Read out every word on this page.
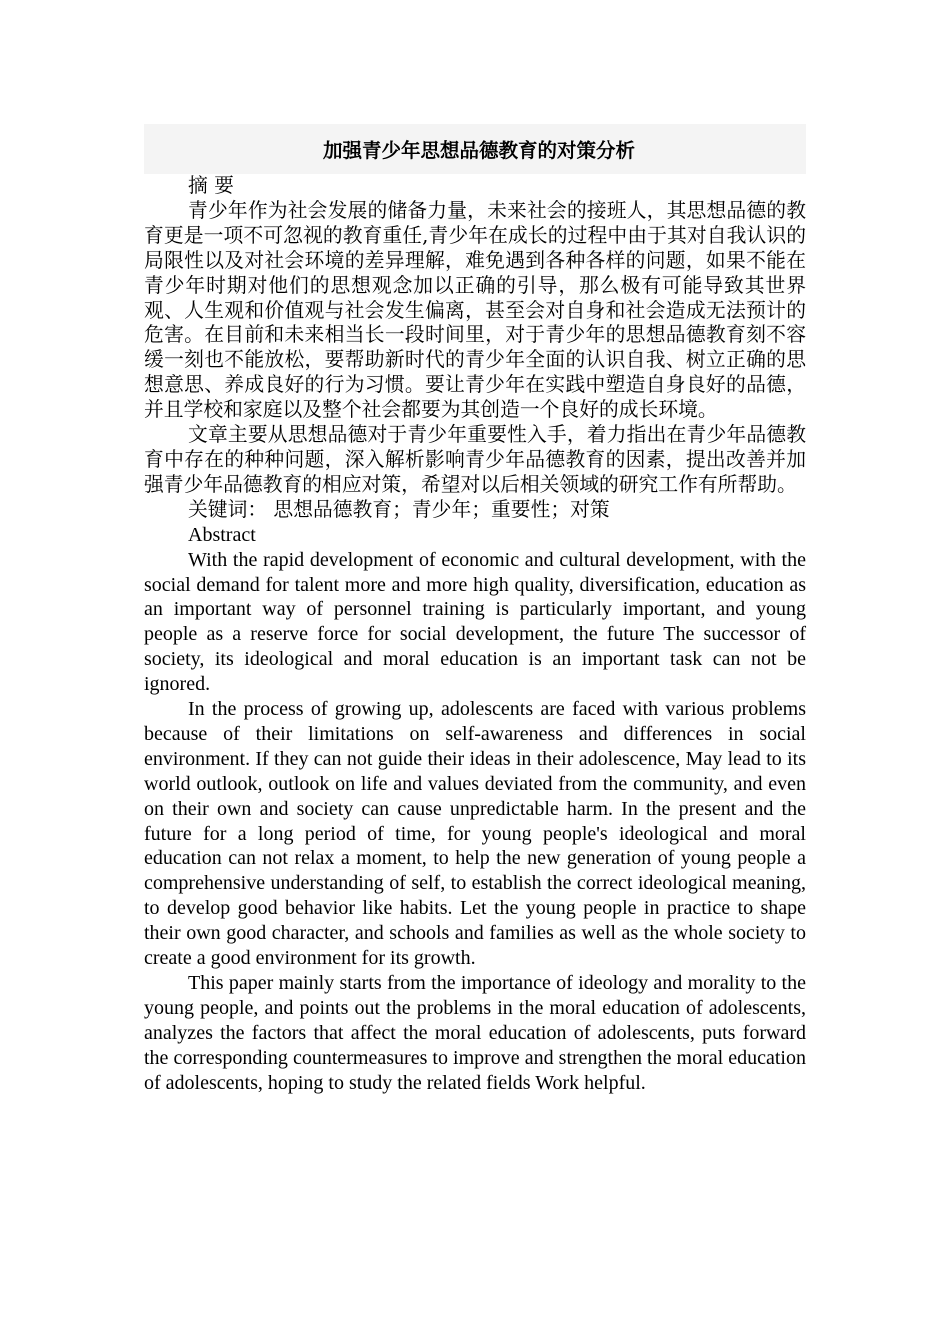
加强青少年思想品德教育的对策分析

摘 要

青少年作为社会发展的储备力量，未来社会的接班人，其思想品德的教育更是一项不可忽视的教育重任,青少年在成长的过程中由于其对自我认识的局限性以及对社会环境的差异理解，难免遇到各种各样的问题，如果不能在青少年时期对他们的思想观念加以正确的引导，那么极有可能导致其世界观、人生观和价值观与社会发生偏离，甚至会对自身和社会造成无法预计的危害。在目前和未来相当长一段时间里，对于青少年的思想品德教育刻不容缓一刻也不能放松，要帮助新时代的青少年全面的认识自我、树立正确的思想意思、养成良好的行为习惯。要让青少年在实践中塑造自身良好的品德，并且学校和家庭以及整个社会都要为其创造一个良好的成长环境。

文章主要从思想品德对于青少年重要性入手，着力指出在青少年品德教育中存在的种种问题，深入解析影响青少年品德教育的因素，提出改善并加强青少年品德教育的相应对策，希望对以后相关领域的研究工作有所帮助。

关键词： 思想品德教育；青少年；重要性；对策

Abstract

With the rapid development of economic and cultural development, with the social demand for talent more and more high quality, diversification, education as an important way of personnel training is particularly important, and young people as a reserve force for social development, the future The successor of society, its ideological and moral education is an important task can not be ignored.

In the process of growing up, adolescents are faced with various problems because of their limitations on self-awareness and differences in social environment. If they can not guide their ideas in their adolescence, May lead to its world outlook, outlook on life and values deviated from the community, and even on their own and society can cause unpredictable harm. In the present and the future for a long period of time, for young people's ideological and moral education can not relax a moment, to help the new generation of young people a comprehensive understanding of self, to establish the correct ideological meaning, to develop good behavior like habits. Let the young people in practice to shape their own good character, and schools and families as well as the whole society to create a good environment for its growth.

This paper mainly starts from the importance of ideology and morality to the young people, and points out the problems in the moral education of adolescents, analyzes the factors that affect the moral education of adolescents, puts forward the corresponding countermeasures to improve and strengthen the moral education of adolescents, hoping to study the related fields Work helpful.
